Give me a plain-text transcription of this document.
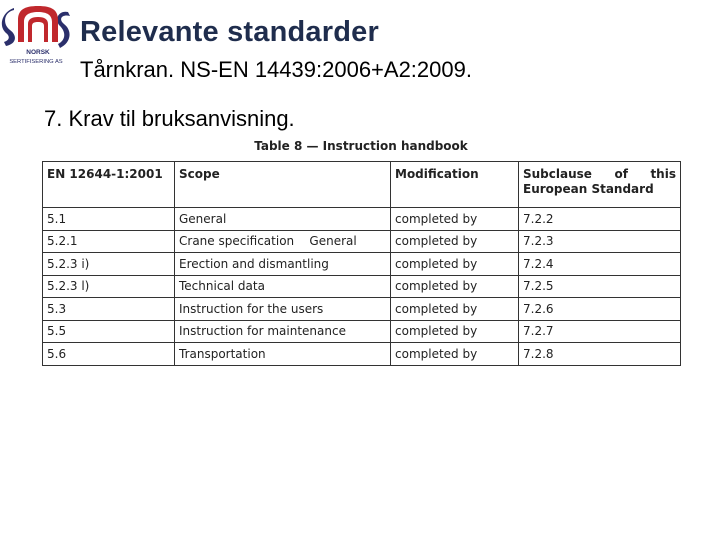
NORSK
SERTIFISERING AS
Relevante standarder

Tårnkran. NS-EN 14439:2006+A2:2009.

7. Krav til bruksanvisning.

Table 8 — Instruction handbook
EN 12644-1:2001	Scope	Modification	Subclause of this
European Standard

5.1	General	completed by	7.2.2
5.2.1	Crane specification    General	completed by	7.2.3
5.2.3 i)	Erection and dismantling	completed by	7.2.4
5.2.3 l)	Technical data	completed by	7.2.5
5.3	Instruction for the users	completed by	7.2.6
5.5	Instruction for maintenance	completed by	7.2.7
5.6	Transportation	completed by	7.2.8
